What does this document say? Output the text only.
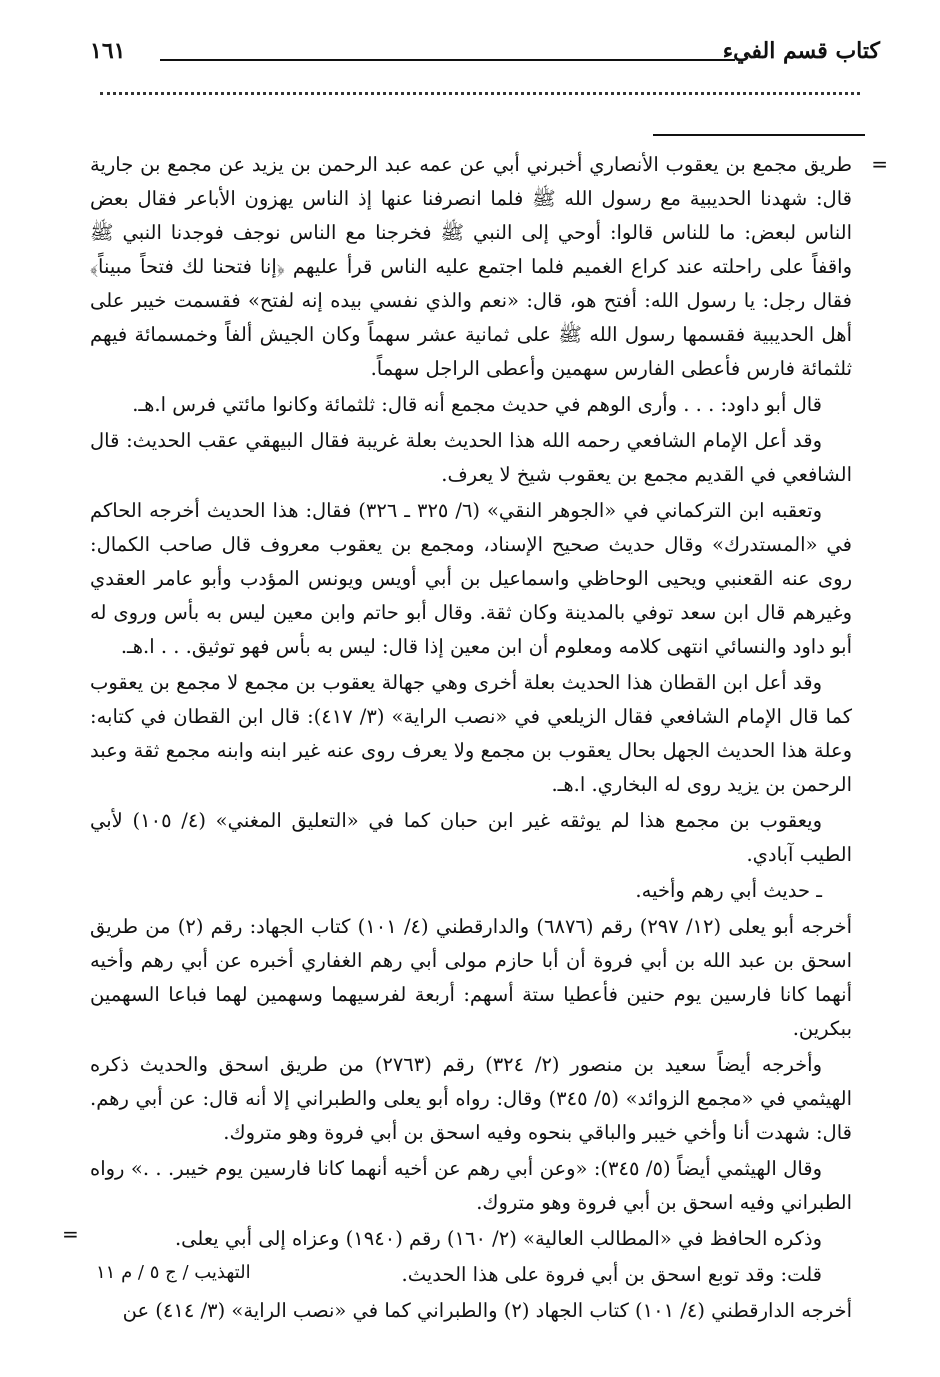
كتاب قسم الفيء
١٦١
=

طريق مجمع بن يعقوب الأنصاري أخبرني أبي عن عمه عبد الرحمن بن يزيد عن مجمع بن جارية قال: شهدنا الحديبية مع رسول الله ﷺ فلما انصرفنا عنها إذ الناس يهزون الأباعر فقال بعض الناس لبعض: ما للناس قالوا: أوحي إلى النبي ﷺ فخرجنا مع الناس نوجف فوجدنا النبي ﷺ واقفاً على راحلته عند كراع الغميم فلما اجتمع عليه الناس قرأ عليهم ﴿إنا فتحنا لك فتحاً مبيناً﴾ فقال رجل: يا رسول الله: أفتح هو، قال: «نعم والذي نفسي بيده إنه لفتح» فقسمت خيبر على أهل الحديبية فقسمها رسول الله ﷺ على ثمانية عشر سهماً وكان الجيش ألفاً وخمسمائة فيهم ثلثمائة فارس فأعطى الفارس سهمين وأعطى الراجل سهماً.

قال أبو داود: . . . وأرى الوهم في حديث مجمع أنه قال: ثلثمائة وكانوا مائتي فرس ا.هـ.

وقد أعل الإمام الشافعي رحمه الله هذا الحديث بعلة غريبة فقال البيهقي عقب الحديث: قال الشافعي في القديم مجمع بن يعقوب شيخ لا يعرف.

وتعقبه ابن التركماني في «الجوهر النقي» (٦/ ٣٢٥ ـ ٣٢٦) فقال: هذا الحديث أخرجه الحاكم في «المستدرك» وقال حديث صحيح الإسناد، ومجمع بن يعقوب معروف قال صاحب الكمال: روى عنه القعنبي ويحيى الوحاظي واسماعيل بن أبي أويس ويونس المؤدب وأبو عامر العقدي وغيرهم قال ابن سعد توفي بالمدينة وكان ثقة. وقال أبو حاتم وابن معين ليس به بأس وروى له أبو داود والنسائي انتهى كلامه ومعلوم أن ابن معين إذا قال: ليس به بأس فهو توثيق. . . ا.هـ.

وقد أعل ابن القطان هذا الحديث بعلة أخرى وهي جهالة يعقوب بن مجمع لا مجمع بن يعقوب كما قال الإمام الشافعي فقال الزيلعي في «نصب الراية» (٣/ ٤١٧): قال ابن القطان في كتابه: وعلة هذا الحديث الجهل بحال يعقوب بن مجمع ولا يعرف روى عنه غير ابنه وابنه مجمع ثقة وعبد الرحمن بن يزيد روى له البخاري. ا.هـ.

ويعقوب بن مجمع هذا لم يوثقه غير ابن حبان كما في «التعليق المغني» (٤/ ١٠٥) لأبي الطيب آبادي.

ـ حديث أبي رهم وأخيه.

أخرجه أبو يعلى (١٢/ ٢٩٧) رقم (٦٨٧٦) والدارقطني (٤/ ١٠١) كتاب الجهاد: رقم (٢) من طريق اسحق بن عبد الله بن أبي فروة أن أبا حازم مولى أبي رهم الغفاري أخبره عن أبي رهم وأخيه أنهما كانا فارسين يوم حنين فأعطيا ستة أسهم: أربعة لفرسيهما وسهمين لهما فباعا السهمين ببكرين.

وأخرجه أيضاً سعيد بن منصور (٢/ ٣٢٤) رقم (٢٧٦٣) من طريق اسحق والحديث ذكره الهيثمي في «مجمع الزوائد» (٥/ ٣٤٥) وقال: رواه أبو يعلى والطبراني إلا أنه قال: عن أبي رهم. قال: شهدت أنا وأخي خيبر والباقي بنحوه وفيه اسحق بن أبي فروة وهو متروك.

وقال الهيثمي أيضاً (٥/ ٣٤٥): «وعن أبي رهم عن أخيه أنهما كانا فارسين يوم خيبر. . .» رواه الطبراني وفيه اسحق بن أبي فروة وهو متروك.

وذكره الحافظ في «المطالب العالية» (٢/ ١٦٠) رقم (١٩٤٠) وعزاه إلى أبي يعلى.

قلت: وقد توبع اسحق بن أبي فروة على هذا الحديث.

أخرجه الدارقطني (٤/ ١٠١) كتاب الجهاد (٢) والطبراني كما في «نصب الراية» (٣/ ٤١٤) عن

=
التهذيب / ج ٥ / م ١١
